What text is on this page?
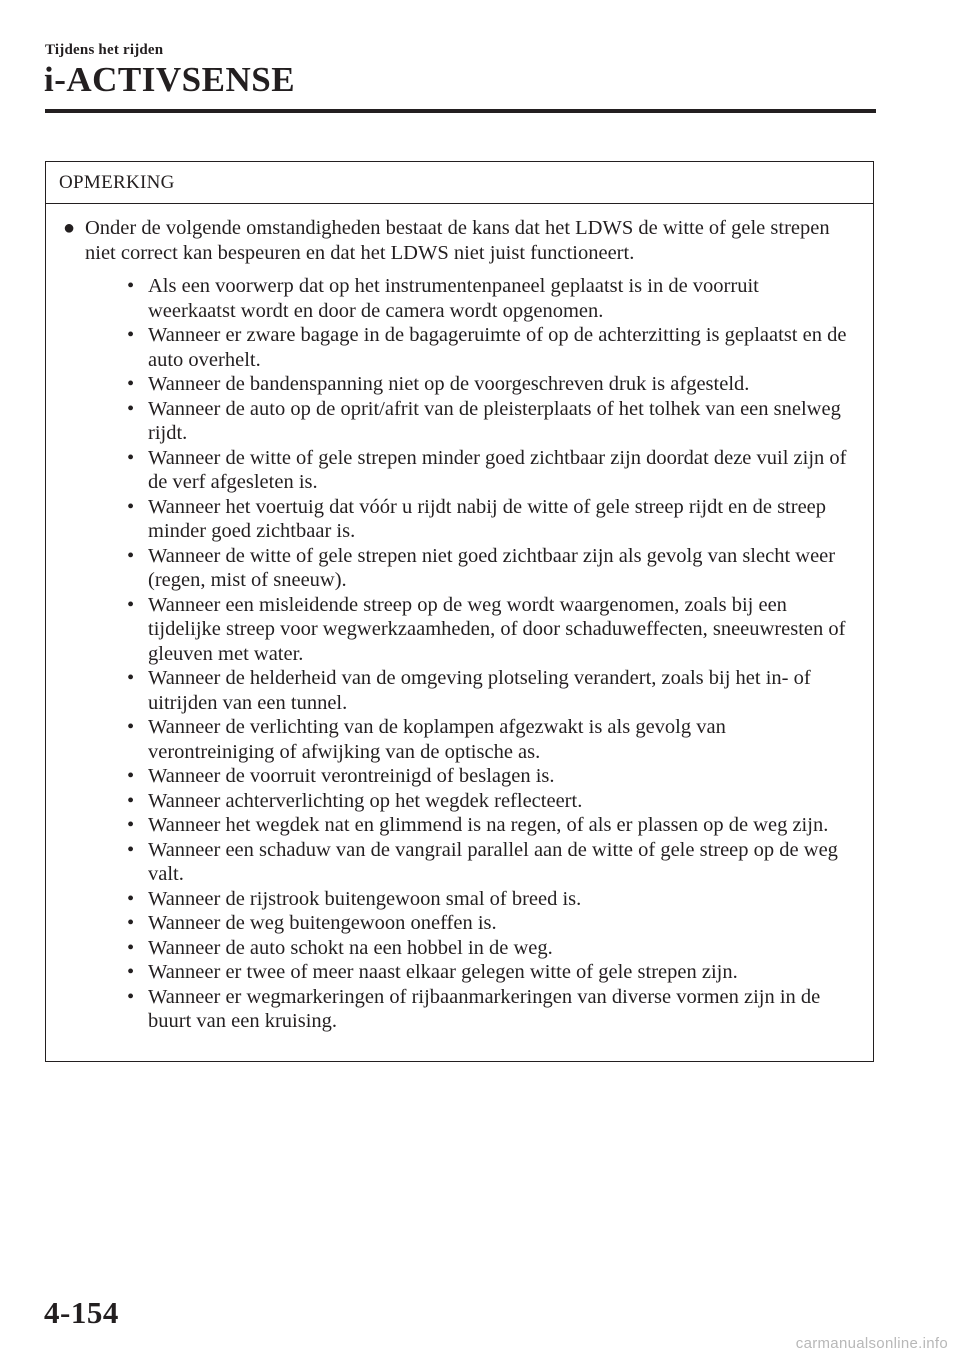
Tijdens het rijden
i-ACTIVSENSE
OPMERKING
● Onder de volgende omstandigheden bestaat de kans dat het LDWS de witte of gele strepen niet correct kan bespeuren en dat het LDWS niet juist functioneert.
• Als een voorwerp dat op het instrumentenpaneel geplaatst is in de voorruit weerkaatst wordt en door de camera wordt opgenomen.
• Wanneer er zware bagage in de bagageruimte of op de achterzitting is geplaatst en de auto overhelt.
• Wanneer de bandenspanning niet op de voorgeschreven druk is afgesteld.
• Wanneer de auto op de oprit/afrit van de pleisterplaats of het tolhek van een snelweg rijdt.
• Wanneer de witte of gele strepen minder goed zichtbaar zijn doordat deze vuil zijn of de verf afgesleten is.
• Wanneer het voertuig dat vóór u rijdt nabij de witte of gele streep rijdt en de streep minder goed zichtbaar is.
• Wanneer de witte of gele strepen niet goed zichtbaar zijn als gevolg van slecht weer (regen, mist of sneeuw).
• Wanneer een misleidende streep op de weg wordt waargenomen, zoals bij een tijdelijke streep voor wegwerkzaamheden, of door schaduweffecten, sneeuwresten of gleuven met water.
• Wanneer de helderheid van de omgeving plotseling verandert, zoals bij het in- of uitrijden van een tunnel.
• Wanneer de verlichting van de koplampen afgezwakt is als gevolg van verontreiniging of afwijking van de optische as.
• Wanneer de voorruit verontreinigd of beslagen is.
• Wanneer achterverlichting op het wegdek reflecteert.
• Wanneer het wegdek nat en glimmend is na regen, of als er plassen op de weg zijn.
• Wanneer een schaduw van de vangrail parallel aan de witte of gele streep op de weg valt.
• Wanneer de rijstrook buitengewoon smal of breed is.
• Wanneer de weg buitengewoon oneffen is.
• Wanneer de auto schokt na een hobbel in de weg.
• Wanneer er twee of meer naast elkaar gelegen witte of gele strepen zijn.
• Wanneer er wegmarkeringen of rijbaanmarkeringen van diverse vormen zijn in de buurt van een kruising.
4-154
carmanualsonline.info
